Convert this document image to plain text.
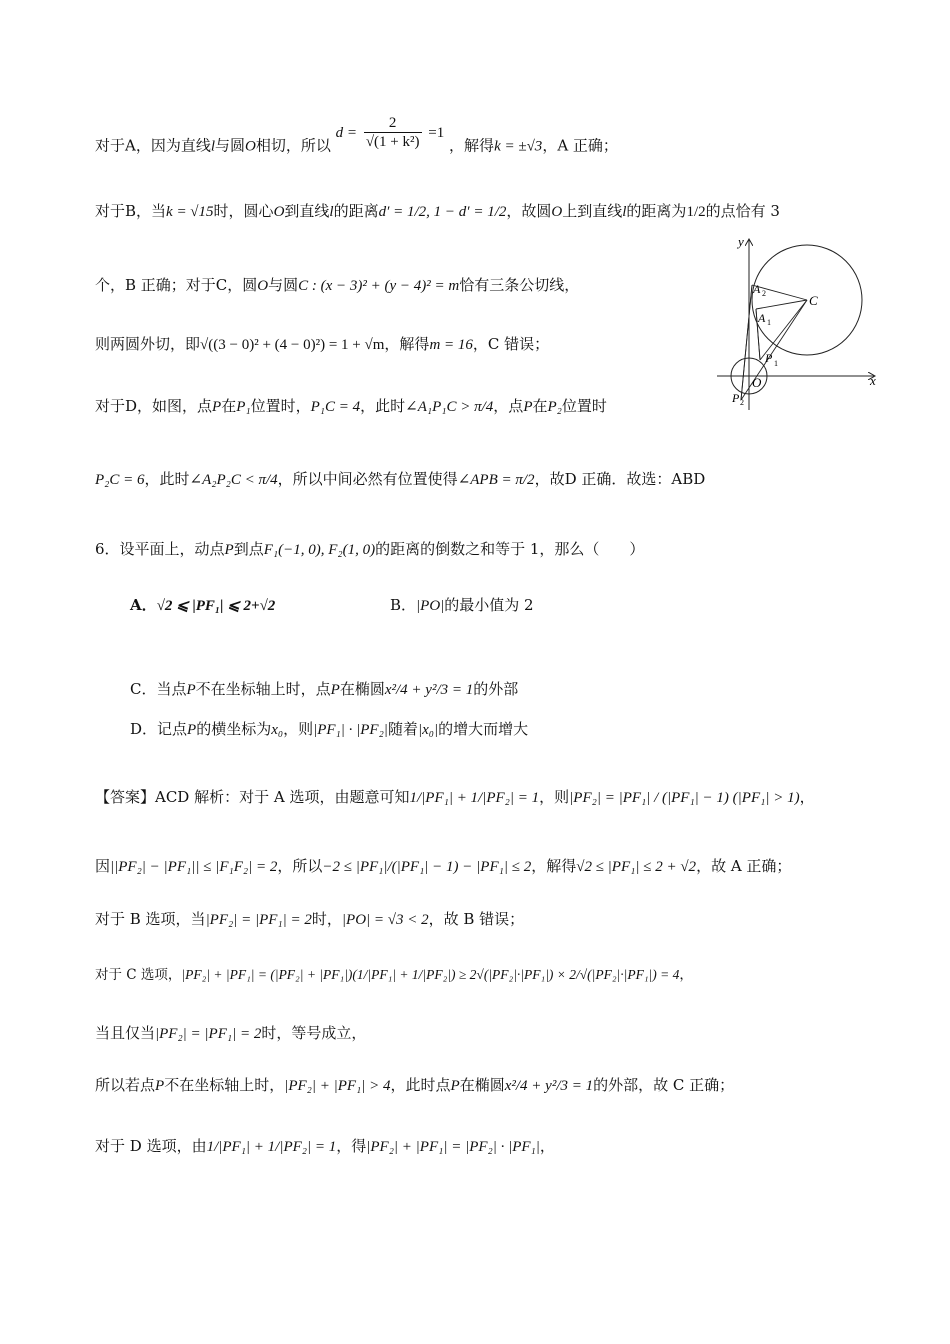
对于A，因为直线l与圆O相切，所以 $d = \frac{2}{\text{√(1 + k²)}} =1$ ，解得k = ±√3，A 正确；
对于B，当k = √15时，圆心O到直线l的距离d′ = 1/2, 1 − d′ = 1/2，故圆O上到直线l的距离为1/2的点恰有 3
个，B 正确；对于C，圆O与圆C : (x − 3)² + (y − 4)² = m恰有三条公切线，
则两圆外切，即√((3 − 0)² + (4 − 0)²) = 1 + √m，解得m = 16，C 错误；
对于D，如图，点P在P₁位置时，P₁C = 4，此时∠A₁P₁C > π/4，点P在P₂位置时
P₂C = 6，此时∠A₂P₂C < π/4，所以中间必然有位置使得∠APB = π/2，故D 正确．故选：ABD
y
x
C
A 2
A 1
P 1
O
P 2
6．设平面上，动点P到点F₁(−1, 0), F₂(1, 0)的距离的倒数之和等于 1，那么（　　）
A．√2 ⩽ |PF₁| ⩽ 2+√2	B．|PO|的最小值为 2
C．当点P不在坐标轴上时，点P在椭圆x²/4 + y²/3 = 1的外部
D．记点P的横坐标为x₀，则|PF₁| · |PF₂|随着|x₀|的增大而增大
【答案】ACD 解析：对于 A 选项，由题意可知1/|PF₁| + 1/|PF₂| = 1，则|PF₂| = |PF₁| / (|PF₁| − 1) (|PF₁| > 1)，
因||PF₂| − |PF₁|| ≤ |F₁F₂| = 2，所以−2 ≤ |PF₁|/(|PF₁| − 1) − |PF₁| ≤ 2，解得√2 ≤ |PF₁| ≤ 2 + √2，故 A 正确；
对于 B 选项，当|PF₂| = |PF₁| = 2时，|PO| = √3 < 2，故 B 错误；
对于 C 选项，|PF₂| + |PF₁| = (|PF₂| + |PF₁|)(1/|PF₁| + 1/|PF₂|) ≥ 2√(|PF₂|·|PF₁|) × 2/√(|PF₂|·|PF₁|) = 4，
当且仅当|PF₂| = |PF₁| = 2时，等号成立，
所以若点P不在坐标轴上时，|PF₂| + |PF₁| > 4，此时点P在椭圆x²/4 + y²/3 = 1的外部，故 C 正确；
对于 D 选项，由1/|PF₁| + 1/|PF₂| = 1，得|PF₂| + |PF₁| = |PF₂| · |PF₁|，
